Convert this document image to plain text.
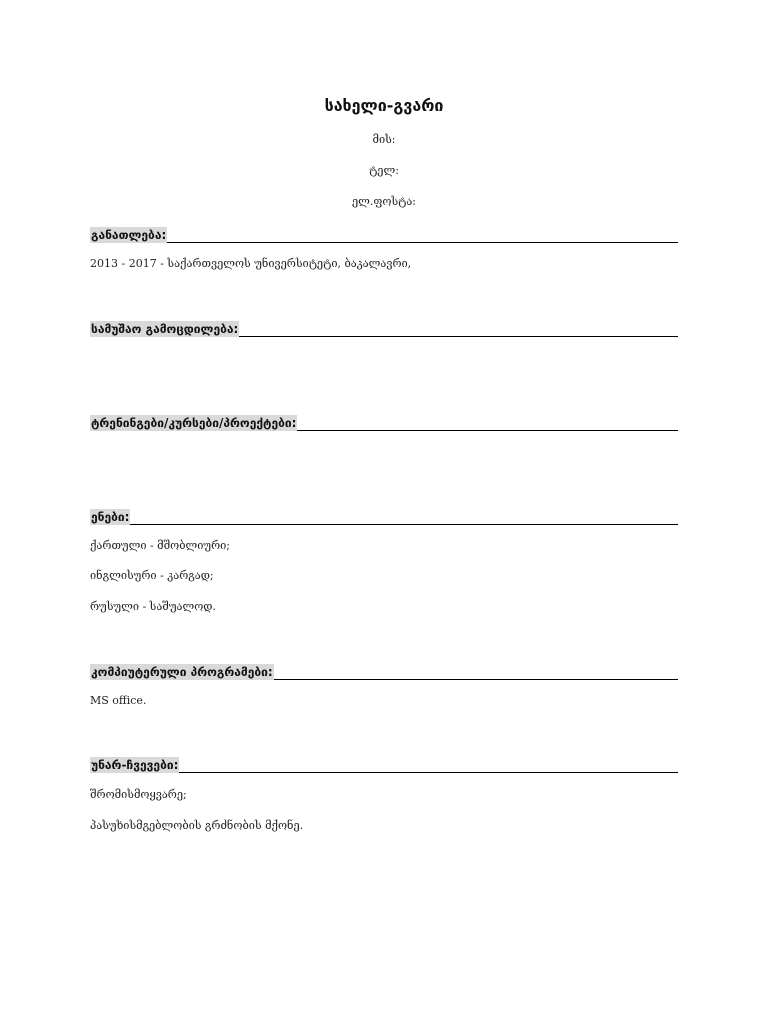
სახელი-გვარი
მის:
ტელ:
ელ.ფოსტა:
განათლება:
2013 - 2017 - საქართველოს უნივერსიტეტი, ბაკალავრი,
სამუშაო გამოცდილება:
ტრენინგები/კურსები/პროექტები:
ენები:
ქართული - მშობლიური;
ინგლისური - კარგად;
რუსული - საშუალოდ.
კომპიუტერული პროგრამები:
MS office.
უნარ-ჩვევები:
შრომისმოყვარე;
პასუხისმგებლობის გრძნობის მქონე.
